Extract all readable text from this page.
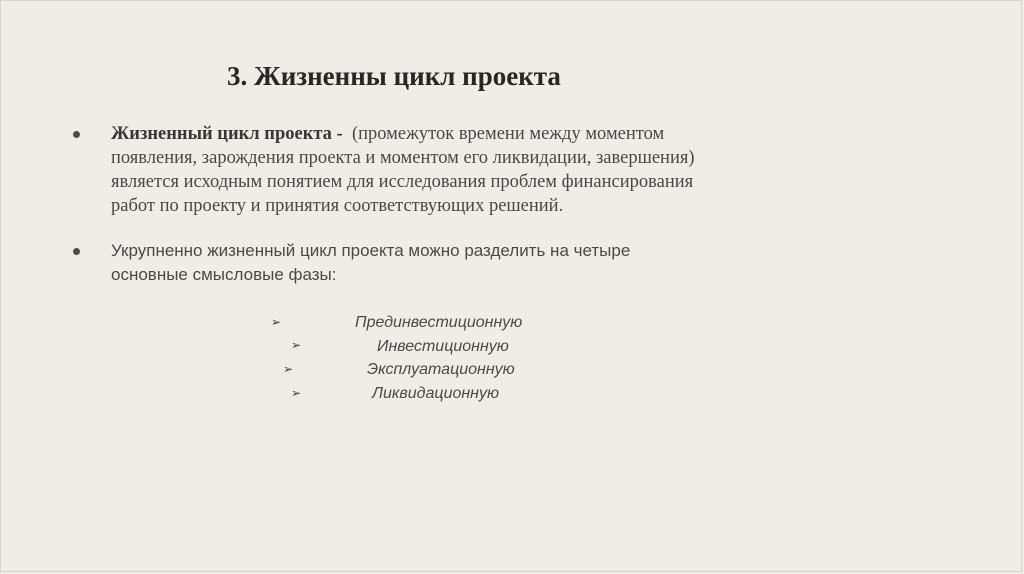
3. Жизненны цикл проекта
Жизненный цикл проекта - (промежуток времени между моментом
появления, зарождения проекта и моментом его ликвидации, завершения)
является исходным понятием для исследования проблем финансирования
работ по проекту и принятия соответствующих решений.
Укрупненно жизненный цикл проекта можно разделить на четыре
основные смысловые фазы:
➢	Прединвестиционную
➢	Инвестиционную
➢	Эксплуатационную
➢	Ликвидационную
